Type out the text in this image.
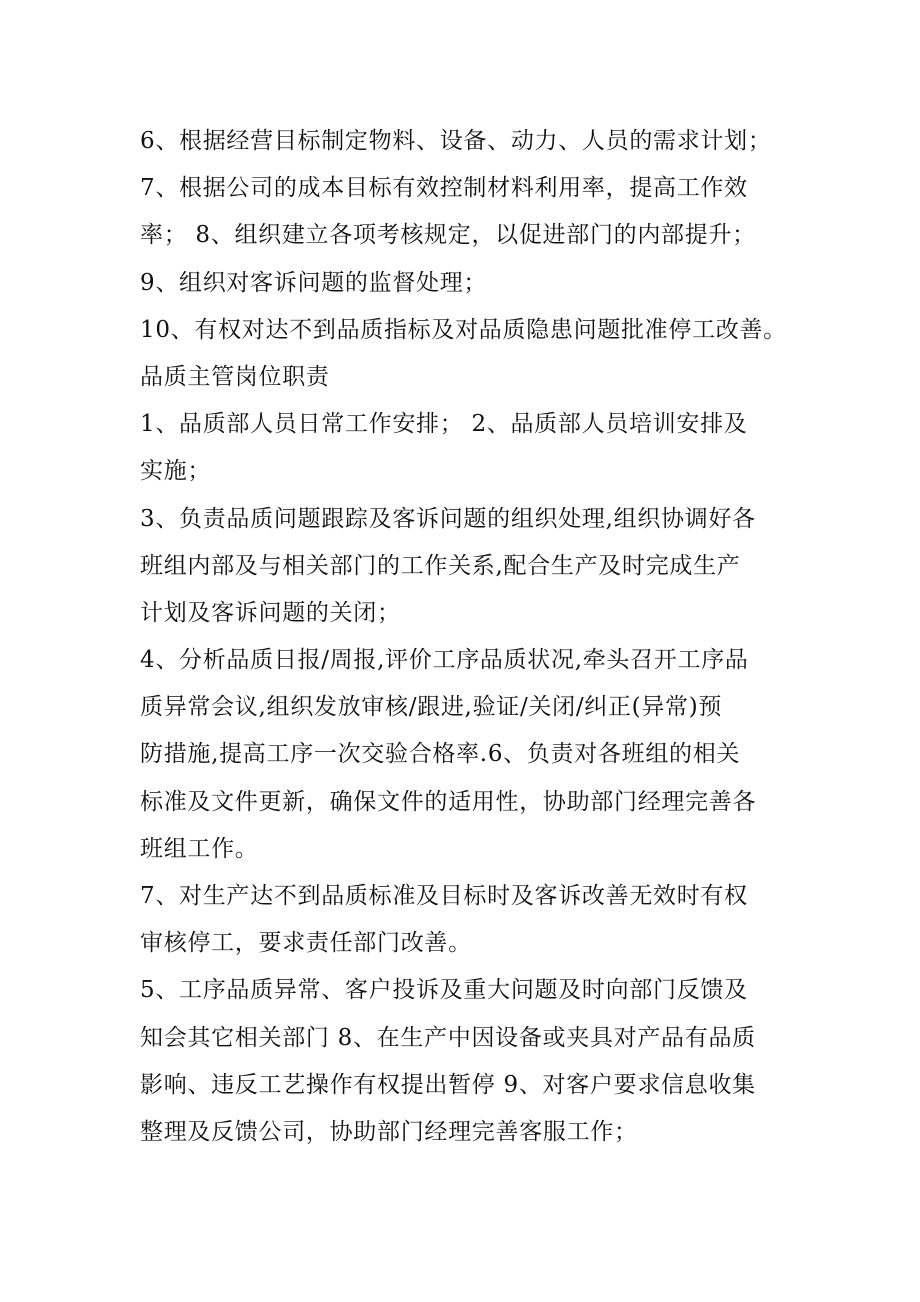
6、根据经营目标制定物料、设备、动力、人员的需求计划；
7、根据公司的成本目标有效控制材料利用率，提高工作效
率； 8、组织建立各项考核规定，以促进部门的内部提升；
9、组织对客诉问题的监督处理；
10、有权对达不到品质指标及对品质隐患问题批准停工改善。
品质主管岗位职责
1、品质部人员日常工作安排； 2、品质部人员培训安排及
实施；
3、负责品质问题跟踪及客诉问题的组织处理,组织协调好各
班组内部及与相关部门的工作关系,配合生产及时完成生产
计划及客诉问题的关闭；
4、分析品质日报/周报,评价工序品质状况,牵头召开工序品
质异常会议,组织发放审核/跟进,验证/关闭/纠正(异常)预
防措施,提高工序一次交验合格率.6、负责对各班组的相关
标准及文件更新，确保文件的适用性，协助部门经理完善各
班组工作。
7、对生产达不到品质标准及目标时及客诉改善无效时有权
审核停工，要求责任部门改善。
5、工序品质异常、客户投诉及重大问题及时向部门反馈及
知会其它相关部门 8、在生产中因设备或夹具对产品有品质
影响、违反工艺操作有权提出暂停 9、对客户要求信息收集
整理及反馈公司，协助部门经理完善客服工作；
